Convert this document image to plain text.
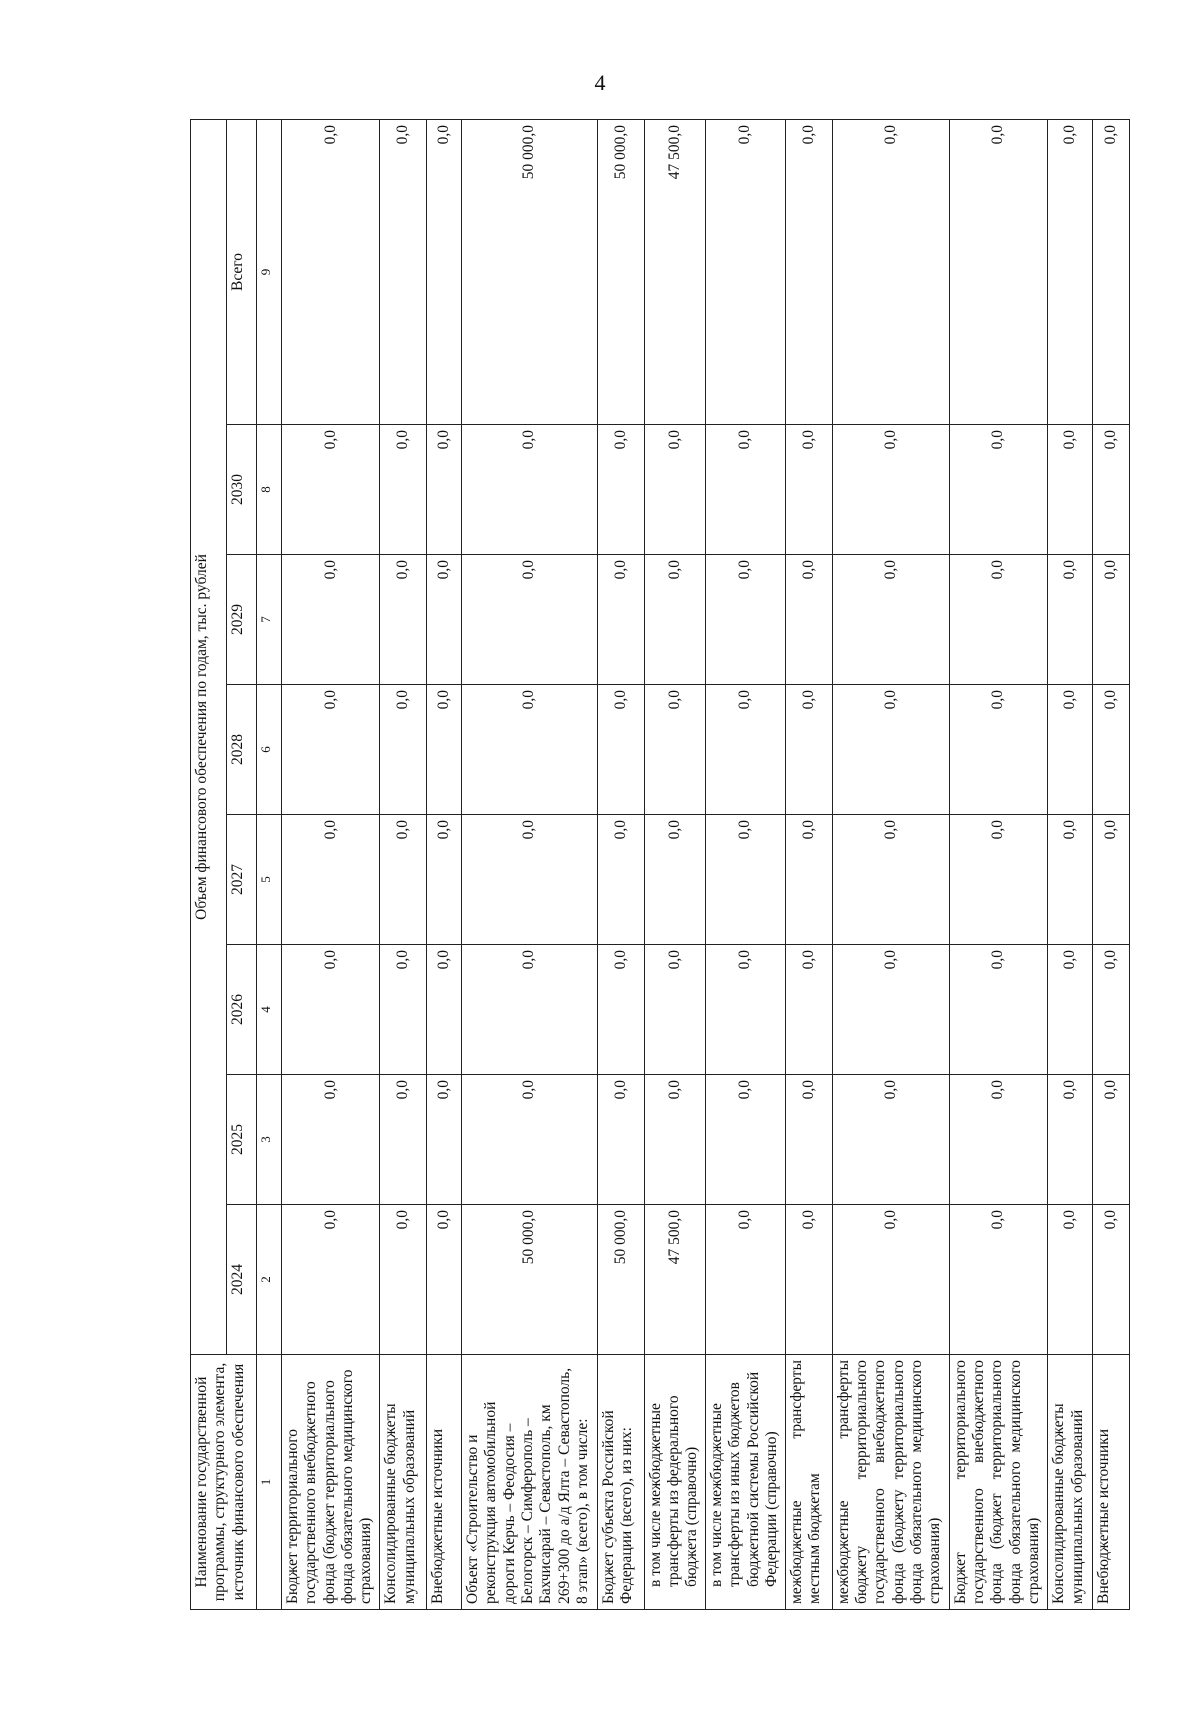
4
Наименование государственной программы, структурного элемента, источник финансового обеспечения	Объем финансового обеспечения по годам, тыс. рублей							
	2024	2025	2026	2027	2028	2029	2030	Всего
1	2	3	4	5	6	7	8	9
Бюджет территориального государственного внебюджетного фонда (бюджет территориального фонда обязательного медицинского страхования)	0,0	0,0	0,0	0,0	0,0	0,0	0,0	0,0
Консолидированные бюджеты муниципальных образований	0,0	0,0	0,0	0,0	0,0	0,0	0,0	0,0
Внебюджетные источники	0,0	0,0	0,0	0,0	0,0	0,0	0,0	0,0
Объект «Строительство и реконструкция автомобильной дороги Керчь – Феодосия – Белогорск – Симферополь – Бахчисарай – Севастополь, км 269+300 до а/д Ялта – Севастополь, 8 этап» (всего), в том числе:	50 000,0	0,0	0,0	0,0	0,0	0,0	0,0	50 000,0
Бюджет субъекта Российской Федерации (всего), из них:	50 000,0	0,0	0,0	0,0	0,0	0,0	0,0	50 000,0
в том числе межбюджетные трансферты из федерального бюджета (справочно)	47 500,0	0,0	0,0	0,0	0,0	0,0	0,0	47 500,0
в том числе межбюджетные трансферты из иных бюджетов бюджетной системы Российской Федерации (справочно)	0,0	0,0	0,0	0,0	0,0	0,0	0,0	0,0
межбюджетные трансферты местным бюджетам	0,0	0,0	0,0	0,0	0,0	0,0	0,0	0,0
межбюджетные трансферты бюджету территориального государственного внебюджетного фонда (бюджету территориального фонда обязательного медицинского страхования)	0,0	0,0	0,0	0,0	0,0	0,0	0,0	0,0
Бюджет территориального государственного внебюджетного фонда (бюджет территориального фонда обязательного медицинского страхования)	0,0	0,0	0,0	0,0	0,0	0,0	0,0	0,0
Консолидированные бюджеты муниципальных образований	0,0	0,0	0,0	0,0	0,0	0,0	0,0	0,0
Внебюджетные источники	0,0	0,0	0,0	0,0	0,0	0,0	0,0	0,0
